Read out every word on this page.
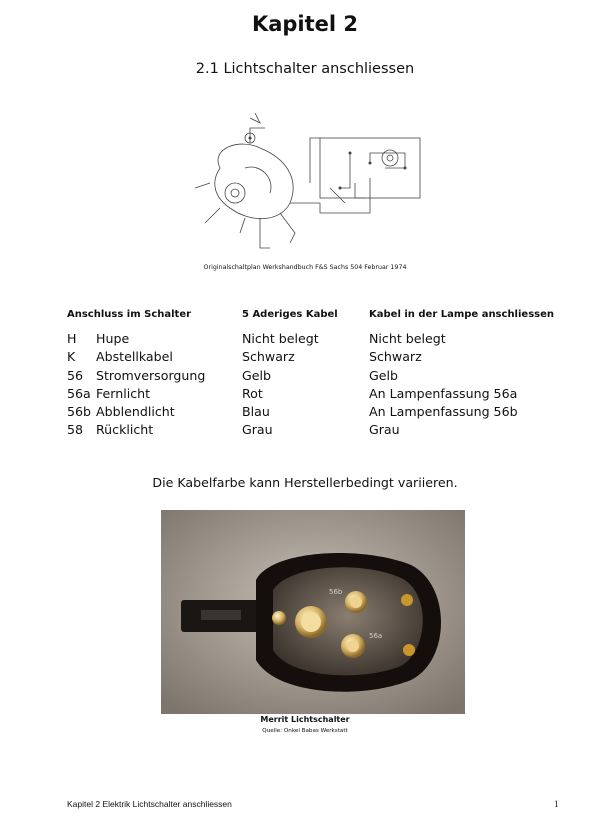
Kapitel 2
2.1 Lichtschalter anschliessen
Originalschaltplan Werkshandbuch F&S Sachs 504 Februar 1974
Anschluss im Schalter	5 Aderiges Kabel	Kabel in der Lampe anschliessen
H Hupe	Nicht belegt	Nicht belegt
K Abstellkabel	Schwarz	Schwarz
56 Stromversorgung	Gelb	Gelb
56a Fernlicht	Rot	An Lampenfassung 56a
56b Abblendlicht	Blau	An Lampenfassung 56b
58 Rücklicht	Grau	Grau
Die Kabelfarbe kann Herstellerbedingt variieren.
56b
56a
Merrit Lichtschalter
Quelle: Onkel Babas Werkstatt
Kapitel 2 Elektrik Lichtschalter anschliessen	1
